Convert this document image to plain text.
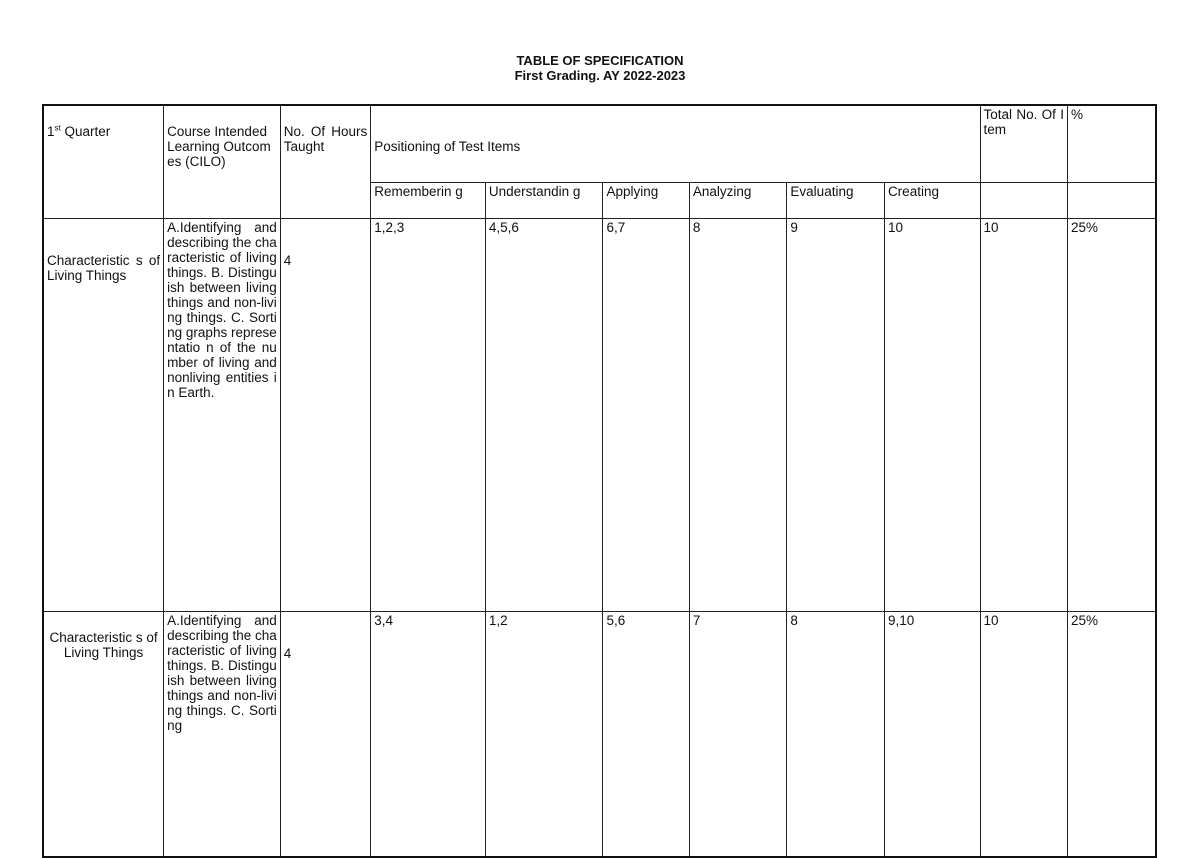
TABLE OF SPECIFICATION
First Grading. AY 2022-2023
1st Quarter	Course Intended Learning Outcomes (CILO)	No. Of Hours Taught	Positioning of Test Items						Total No. Of Item	%
			Rememberin g	Understandin g	Applying	Analyzing	Evaluating	Creating		
Characteristic s of Living Things	A.Identifying and describing the characteristic of living things. B. Distinguish between living things and non-living things. C. Sorting graphs representatio n of the number of living and nonliving entities in Earth.	4	1,2,3	4,5,6	6,7	8	9	10	10	25%
Characteristic s of Living Things	A.Identifying and describing the characteristic of living things. B. Distinguish between living things and non-living things. C. Sorting	4	3,4	1,2	5,6	7	8	9,10	10	25%
